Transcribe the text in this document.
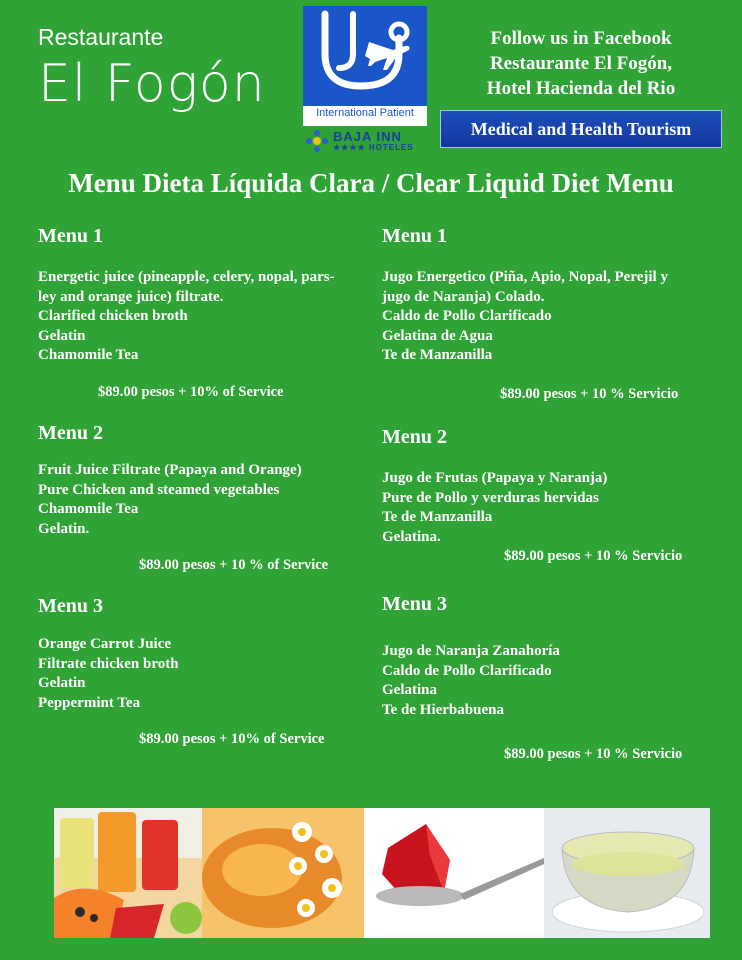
Restaurante
El Fogón	International Patient
BAJA INN
★★★★ HOTELES
Follow us in Facebook
Restaurante El Fogón,
Hotel Hacienda del Rio
Medical and Health Tourism
Menu Dieta Líquida Clara / Clear Liquid Diet Menu
Menu 1
Energetic juice (pineapple, celery, nopal, pars-
ley and orange juice) filtrate.
Clarified chicken broth
Gelatin
Chamomile Tea
$89.00 pesos + 10% of Service
Menu 2
Fruit Juice Filtrate (Papaya and Orange)
Pure Chicken and steamed vegetables
Chamomile Tea
Gelatin.
$89.00 pesos + 10 % of Service
Menu 3
Orange Carrot Juice
Filtrate chicken broth
Gelatin
Peppermint Tea
$89.00 pesos + 10% of Service
Menu 1
Jugo Energetico (Piña, Apio, Nopal, Perejil y
jugo de Naranja) Colado.
Caldo de Pollo Clarificado
Gelatina de Agua
Te de Manzanilla
$89.00 pesos + 10 % Servicio
Menu 2
Jugo de Frutas (Papaya y Naranja)
Pure de Pollo y verduras hervidas
Te de Manzanilla
Gelatina.
$89.00 pesos + 10 % Servicio
Menu 3
Jugo de Naranja Zanahoría
Caldo de Pollo Clarificado
Gelatina
Te de Hierbabuena
$89.00 pesos + 10 % Servicio
